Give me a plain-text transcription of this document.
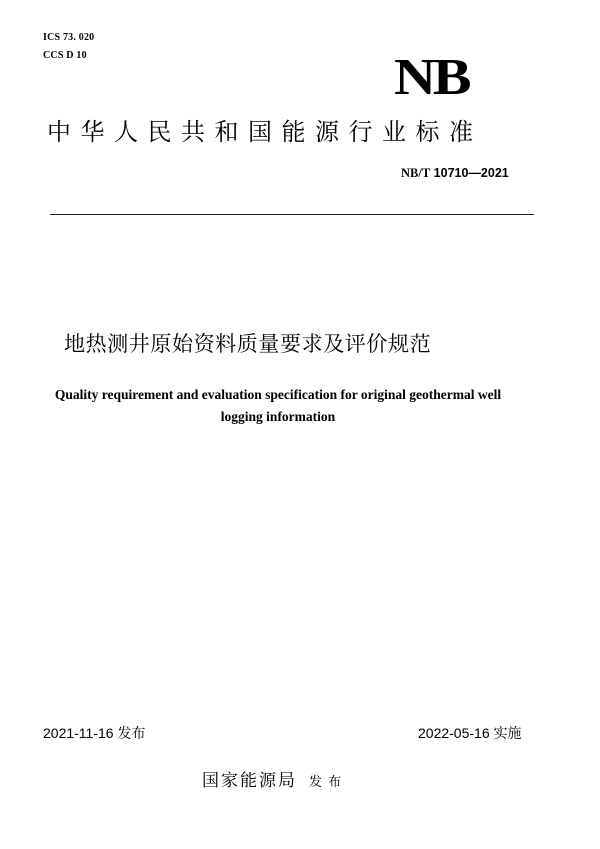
ICS 73. 020
CCS D 10	NB
中华人民共和国能源行业标准
NB/T 10710—2021
地热测井原始资料质量要求及评价规范
Quality requirement and evaluation specification for original geothermal well
logging information
2021-11-16 发布	2022-05-16 实施
国家能源局 发 布
